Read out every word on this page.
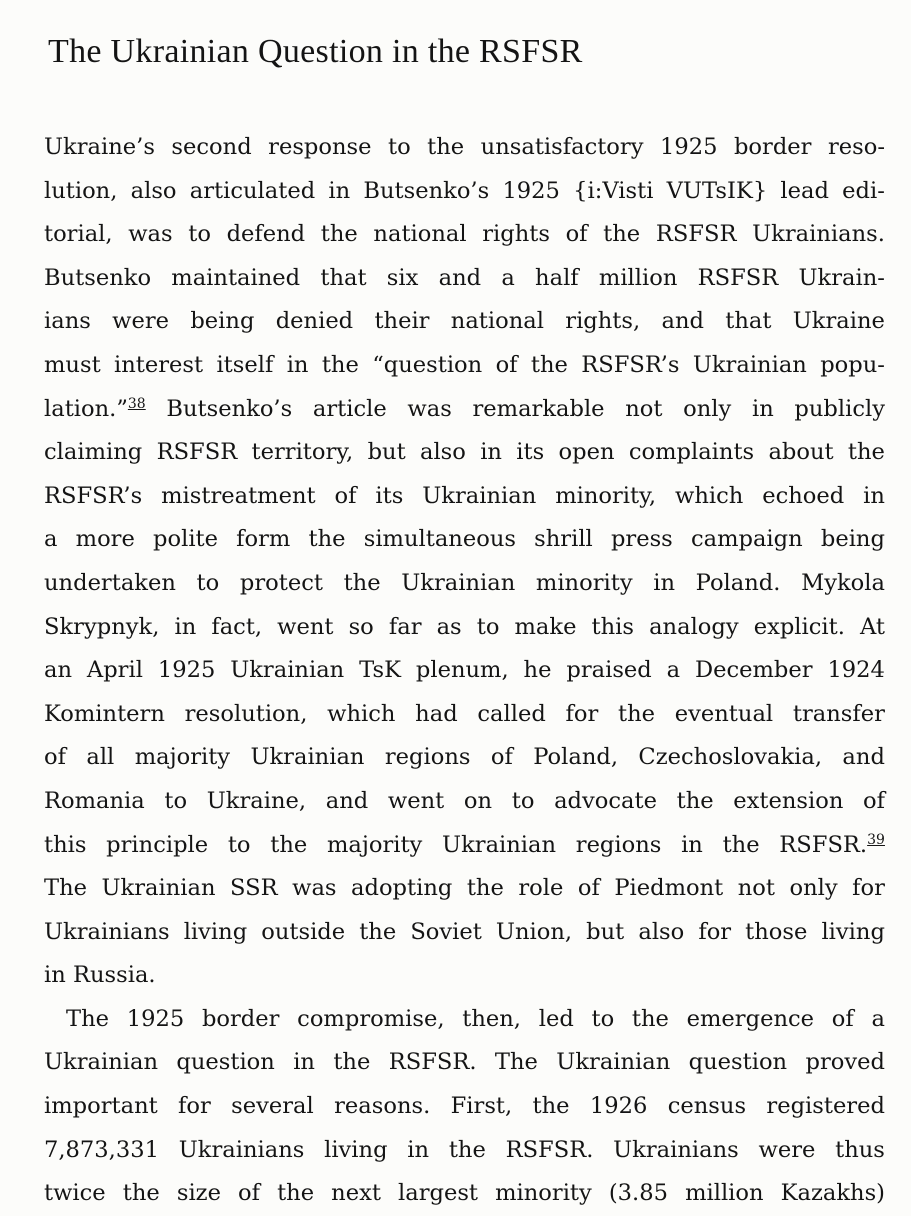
The Ukrainian Question in the RSFSR
Ukraine’s second response to the unsatisfactory 1925 border reso-
lution, also articulated in Butsenko’s 1925 {i:Visti VUTsIK} lead edi-
torial, was to defend the national rights of the RSFSR Ukrainians.
Butsenko maintained that six and a half million RSFSR Ukrain-
ians were being denied their national rights, and that Ukraine
must interest itself in the “question of the RSFSR’s Ukrainian popu-
lation.”$^{38}$ Butsenko’s article was remarkable not only in publicly
claiming RSFSR territory, but also in its open complaints about the
RSFSR’s mistreatment of its Ukrainian minority, which echoed in
a more polite form the simultaneous shrill press campaign being
undertaken to protect the Ukrainian minority in Poland. Mykola
Skrypnyk, in fact, went so far as to make this analogy explicit. At
an April 1925 Ukrainian TsK plenum, he praised a December 1924
Komintern resolution, which had called for the eventual transfer
of all majority Ukrainian regions of Poland, Czechoslovakia, and
Romania to Ukraine, and went on to advocate the extension of
this principle to the majority Ukrainian regions in the RSFSR.$^{39}$
The Ukrainian SSR was adopting the role of Piedmont not only for
Ukrainians living outside the Soviet Union, but also for those living
in Russia.
The 1925 border compromise, then, led to the emergence of a
Ukrainian question in the RSFSR. The Ukrainian question proved
important for several reasons. First, the 1926 census registered
7,873,331 Ukrainians living in the RSFSR. Ukrainians were thus
twice the size of the next largest minority (3.85 million Kazakhs)
